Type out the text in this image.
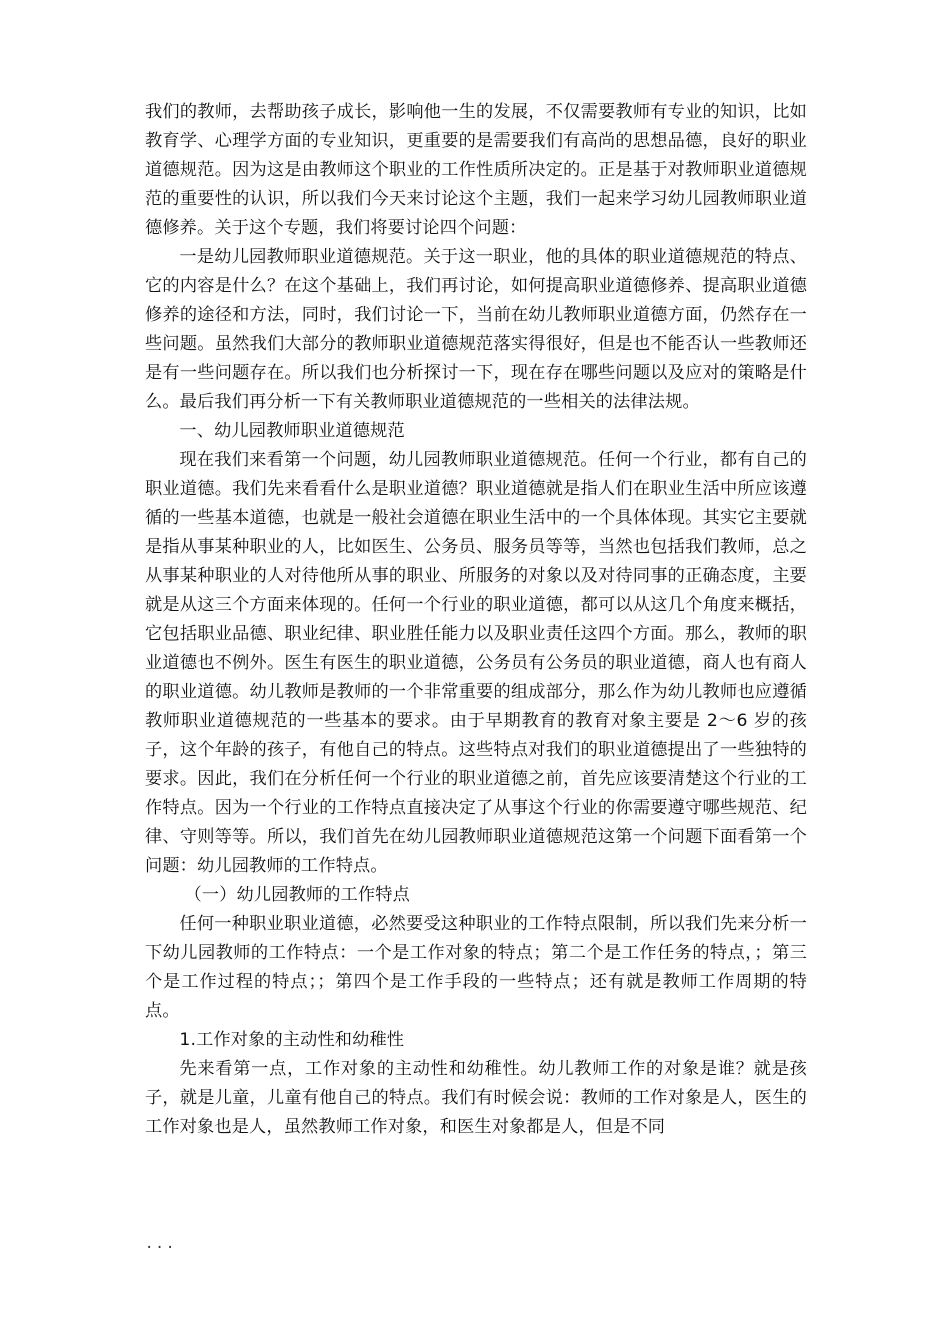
我们的教师，去帮助孩子成长，影响他一生的发展，不仅需要教师有专业的知识，比如教育学、心理学方面的专业知识，更重要的是需要我们有高尚的思想品德，良好的职业道德规范。因为这是由教师这个职业的工作性质所决定的。正是基于对教师职业道德规范的重要性的认识，所以我们今天来讨论这个主题，我们一起来学习幼儿园教师职业道德修养。关于这个专题，我们将要讨论四个问题：

一是幼儿园教师职业道德规范。关于这一职业，他的具体的职业道德规范的特点、它的内容是什么？在这个基础上，我们再讨论，如何提高职业道德修养、提高职业道德修养的途径和方法，同时，我们讨论一下，当前在幼儿教师职业道德方面，仍然存在一些问题。虽然我们大部分的教师职业道德规范落实得很好，但是也不能否认一些教师还是有一些问题存在。所以我们也分析探讨一下，现在存在哪些问题以及应对的策略是什么。最后我们再分析一下有关教师职业道德规范的一些相关的法律法规。

一、幼儿园教师职业道德规范

现在我们来看第一个问题，幼儿园教师职业道德规范。任何一个行业，都有自己的职业道德。我们先来看看什么是职业道德？职业道德就是指人们在职业生活中所应该遵循的一些基本道德，也就是一般社会道德在职业生活中的一个具体体现。其实它主要就是指从事某种职业的人，比如医生、公务员、服务员等等，当然也包括我们教师，总之从事某种职业的人对待他所从事的职业、所服务的对象以及对待同事的正确态度，主要就是从这三个方面来体现的。任何一个行业的职业道德，都可以从这几个角度来概括，它包括职业品德、职业纪律、职业胜任能力以及职业责任这四个方面。那么，教师的职业道德也不例外。医生有医生的职业道德，公务员有公务员的职业道德，商人也有商人的职业道德。幼儿教师是教师的一个非常重要的组成部分，那么作为幼儿教师也应遵循教师职业道德规范的一些基本的要求。由于早期教育的教育对象主要是 2～6 岁的孩子，这个年龄的孩子，有他自己的特点。这些特点对我们的职业道德提出了一些独特的要求。因此，我们在分析任何一个行业的职业道德之前，首先应该要清楚这个行业的工作特点。因为一个行业的工作特点直接决定了从事这个行业的你需要遵守哪些规范、纪律、守则等等。所以，我们首先在幼儿园教师职业道德规范这第一个问题下面看第一个问题：幼儿园教师的工作特点。

（一）幼儿园教师的工作特点

任何一种职业职业道德，必然要受这种职业的工作特点限制，所以我们先来分析一下幼儿园教师的工作特点：一个是工作对象的特点；第二个是工作任务的特点，；第三个是工作过程的特点；；第四个是工作手段的一些特点；还有就是教师工作周期的特点。

1.工作对象的主动性和幼稚性

先来看第一点，工作对象的主动性和幼稚性。幼儿教师工作的对象是谁？就是孩子，就是儿童，儿童有他自己的特点。我们有时候会说：教师的工作对象是人，医生的工作对象也是人，虽然教师工作对象，和医生对象都是人，但是不同

...
